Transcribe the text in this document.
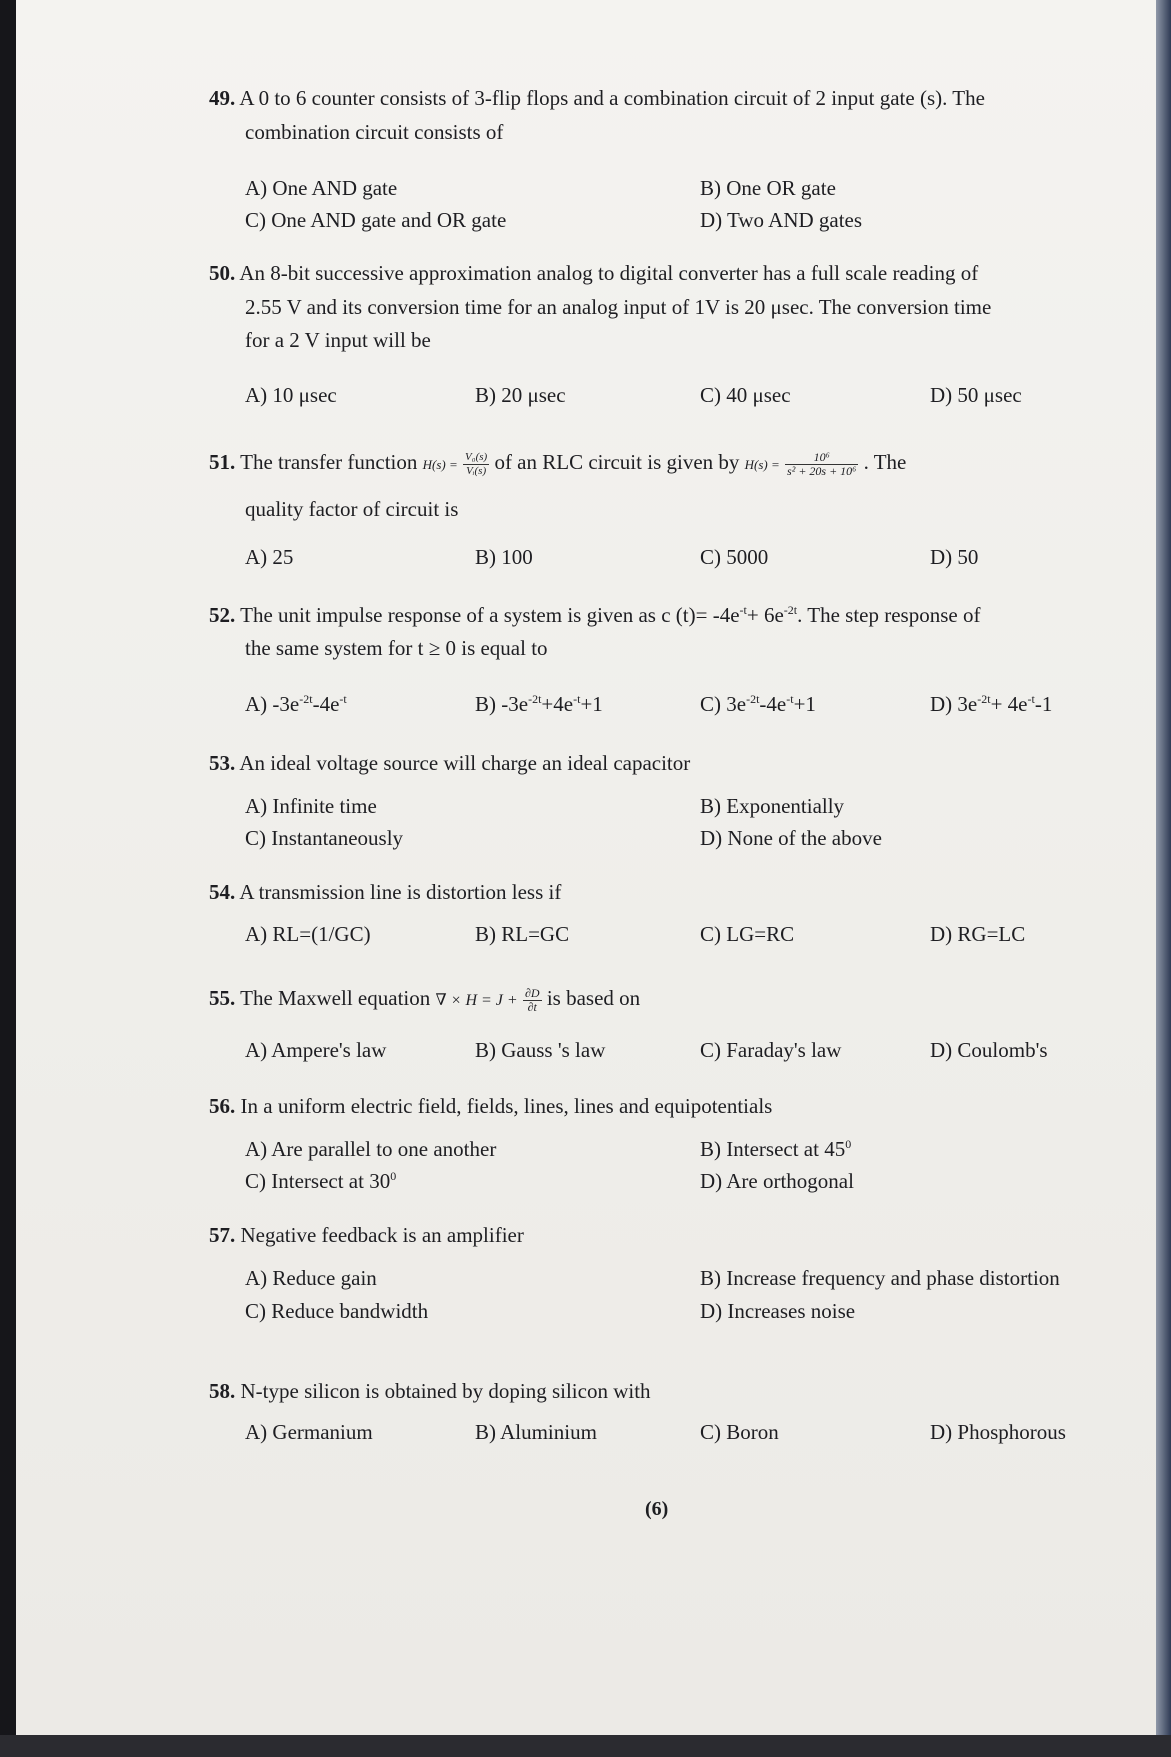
49. A 0 to 6 counter consists of 3-flip flops and a combination circuit of 2 input gate (s). The
combination circuit consists of
A) One AND gate	B) One OR gate
C) One AND gate and OR gate	D) Two AND gates
50. An 8-bit successive approximation analog to digital converter has a full scale reading of
2.55 V and its conversion time for an analog input of 1V is 20 μsec. The conversion time
for a 2 V input will be
A) 10 μsec	B) 20 μsec	C) 40 μsec	D) 50 μsec
51. The transfer function $H(s) = \frac{\text{V₀(s)}}{\text{Vᵢ(s)}}$ of an RLC circuit is given by $H(s) = \frac{\text{10⁶}}{\text{s² + 20s + 10⁶}}$ . The
quality factor of circuit is
A) 25	B) 100	C) 5000	D) 50
52. The unit impulse response of a system is given as c $(t)= -4e^{-t}+ 6e^{-2t}$. The step response of
the same system for t ≥ 0 is equal to
A) $-3e^{-2t}-4e^{-t}$	B) $-3e^{-2t}+4e^{-t}+1$	C) $3e^{-2t}-4e^{-t}+1$	D) $3e^{-2t}+ 4e^{-t}-1$
53. An ideal voltage source will charge an ideal capacitor
A) Infinite time	B) Exponentially
C) Instantaneously	D) None of the above
54. A transmission line is distortion less if
A) RL=(1/GC)	B) RL=GC	C) LG=RC	D) RG=LC
55. The Maxwell equation ∇ × $H = J + \frac{\partial D}{\partial t}$ is based on
A) Ampere's law	B) Gauss 's law	C) Faraday's law	D) Coulomb's
56. In a uniform electric field, fields, lines, lines and equipotentials
A) Are parallel to one another	B) Intersect at $45^0$
C) Intersect at $30^0$	D) Are orthogonal
57. Negative feedback is an amplifier
A) Reduce gain	B) Increase frequency and phase distortion
C) Reduce bandwidth	D) Increases noise
58. N-type silicon is obtained by doping silicon with
A) Germanium	B) Aluminium	C) Boron	D) Phosphorous
(6)
